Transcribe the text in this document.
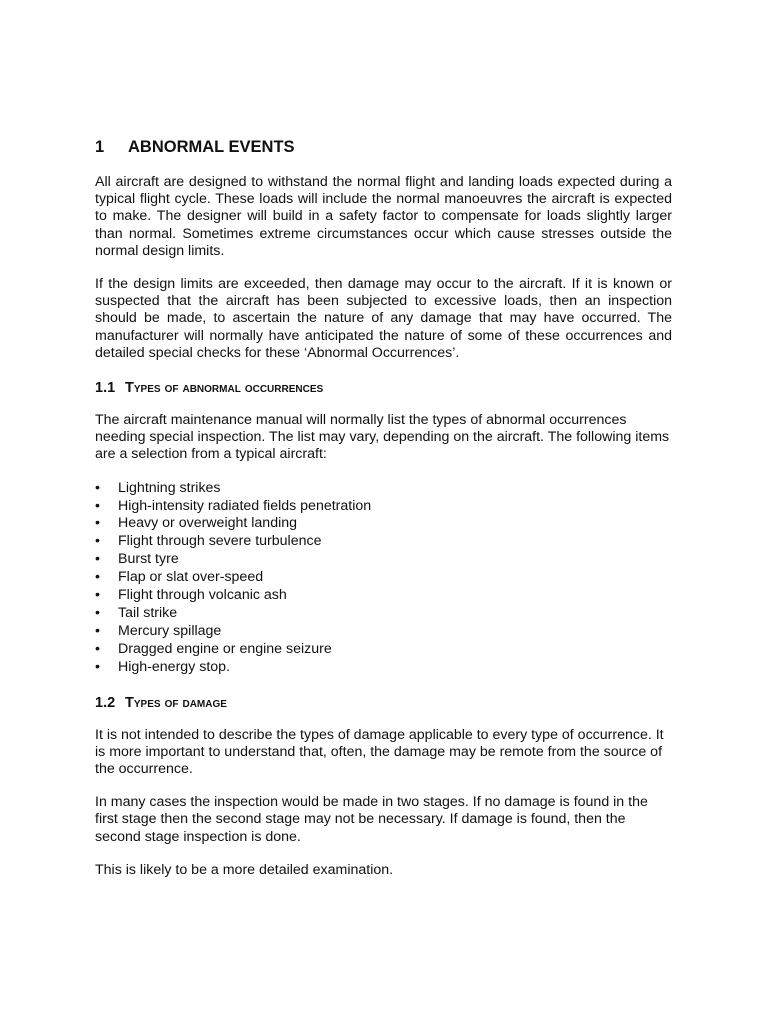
1 ABNORMAL EVENTS

All aircraft are designed to withstand the normal flight and landing loads expected during a typical flight cycle. These loads will include the normal manoeuvres the aircraft is expected to make. The designer will build in a safety factor to compensate for loads slightly larger than normal. Sometimes extreme circumstances occur which cause stresses outside the normal design limits.

If the design limits are exceeded, then damage may occur to the aircraft. If it is known or suspected that the aircraft has been subjected to excessive loads, then an inspection should be made, to ascertain the nature of any damage that may have occurred. The manufacturer will normally have anticipated the nature of some of these occurrences and detailed special checks for these ‘Abnormal Occurrences’.

1.1 Types of abnormal occurrences

The aircraft maintenance manual will normally list the types of abnormal occurrences needing special inspection. The list may vary, depending on the aircraft. The following items are a selection from a typical aircraft:

• Lightning strikes
• High-intensity radiated fields penetration
• Heavy or overweight landing
• Flight through severe turbulence
• Burst tyre
• Flap or slat over-speed
• Flight through volcanic ash
• Tail strike
• Mercury spillage
• Dragged engine or engine seizure
• High-energy stop.
1.2 Types of damage

It is not intended to describe the types of damage applicable to every type of occurrence. It is more important to understand that, often, the damage may be remote from the source of the occurrence.

In many cases the inspection would be made in two stages. If no damage is found in the first stage then the second stage may not be necessary. If damage is found, then the second stage inspection is done.

This is likely to be a more detailed examination.
